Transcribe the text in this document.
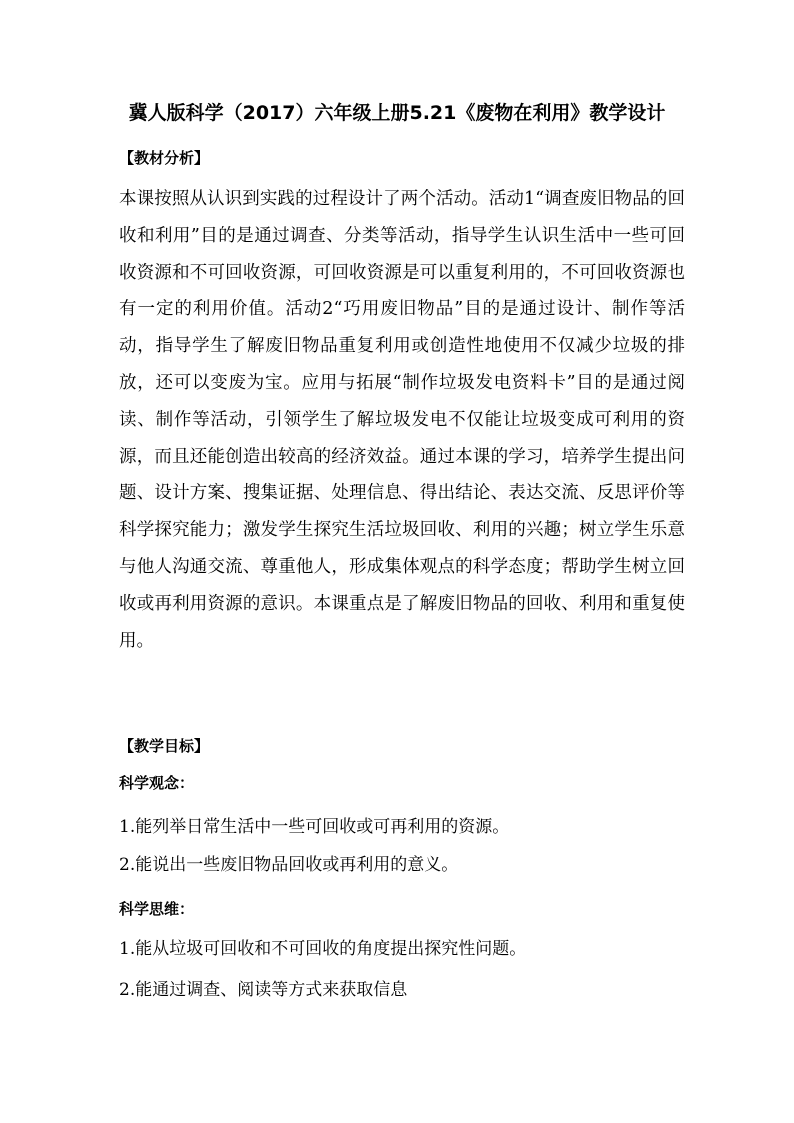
冀人版科学（2017）六年级上册5.21《废物在利用》教学设计
【教材分析】

本课按照从认识到实践的过程设计了两个活动。活动1“调查废旧物品的回收和利用”目的是通过调查、分类等活动，指导学生认识生活中一些可回收资源和不可回收资源，可回收资源是可以重复利用的，不可回收资源也有一定的利用价值。活动2“巧用废旧物品”目的是通过设计、制作等活动，指导学生了解废旧物品重复利用或创造性地使用不仅减少垃圾的排放，还可以变废为宝。应用与拓展“制作垃圾发电资料卡”目的是通过阅读、制作等活动，引领学生了解垃圾发电不仅能让垃圾变成可利用的资源，而且还能创造出较高的经济效益。通过本课的学习，培养学生提出问题、设计方案、搜集证据、处理信息、得出结论、表达交流、反思评价等科学探究能力；激发学生探究生活垃圾回收、利用的兴趣；树立学生乐意与他人沟通交流、尊重他人，形成集体观点的科学态度；帮助学生树立回收或再利用资源的意识。本课重点是了解废旧物品的回收、利用和重复使用。

【教学目标】
科学观念：
1.能列举日常生活中一些可回收或可再利用的资源。
2.能说出一些废旧物品回收或再利用的意义。
科学思维：
1.能从垃圾可回收和不可回收的角度提出探究性问题。
2.能通过调查、阅读等方式来获取信息
